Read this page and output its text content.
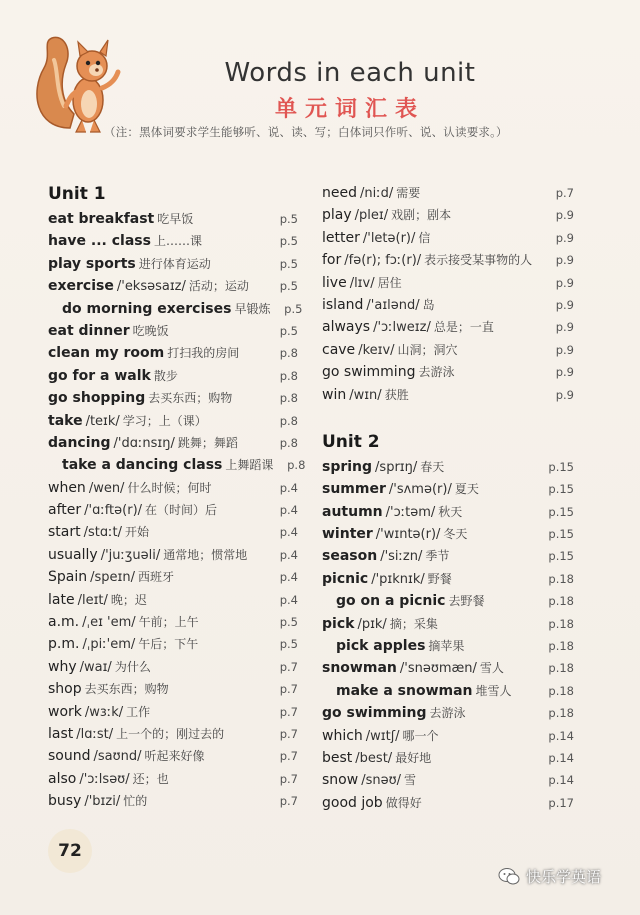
Words in each unit
单元词汇表
（注：黑体词要求学生能够听、说、读、写；白体词只作听、说、认读要求。）
Unit 1
eat breakfast 吃早饭	p.5
have ... class 上……课	p.5
play sports 进行体育运动	p.5
exercise /'eksəsaɪz/ 活动；运动	p.5
do morning exercises 早锻炼	p.5
eat dinner 吃晚饭	p.5
clean my room 打扫我的房间	p.8
go for a walk 散步	p.8
go shopping 去买东西；购物	p.8
take /teɪk/ 学习；上（课）	p.8
dancing /'dɑːnsɪŋ/ 跳舞；舞蹈	p.8
take a dancing class 上舞蹈课	p.8
when /wen/ 什么时候；何时	p.4
after /'ɑːftə(r)/ 在（时间）后	p.4
start /stɑːt/ 开始	p.4
usually /'juːʒuəli/ 通常地；惯常地	p.4
Spain /speɪn/ 西班牙	p.4
late /leɪt/ 晚；迟	p.4
a.m. /ˌeɪ 'em/ 午前；上午	p.5
p.m. /ˌpiː'em/ 午后；下午	p.5
why /waɪ/ 为什么	p.7
shop 去买东西；购物	p.7
work /wɜːk/ 工作	p.7
last /lɑːst/ 上一个的；刚过去的	p.7
sound /saʊnd/ 听起来好像	p.7
also /'ɔːlsəʊ/ 还；也	p.7
busy /'bɪzi/ 忙的	p.7
need /niːd/ 需要	p.7
play /pleɪ/ 戏剧；剧本	p.9
letter /'letə(r)/ 信	p.9
for /fə(r); fɔː(r)/ 表示接受某事物的人	p.9
live /lɪv/ 居住	p.9
island /'aɪlənd/ 岛	p.9
always /'ɔːlweɪz/ 总是；一直	p.9
cave /keɪv/ 山洞；洞穴	p.9
go swimming 去游泳	p.9
win /wɪn/ 获胜	p.9
Unit 2
spring /sprɪŋ/ 春天	p.15
summer /'sʌmə(r)/ 夏天	p.15
autumn /'ɔːtəm/ 秋天	p.15
winter /'wɪntə(r)/ 冬天	p.15
season /'siːzn/ 季节	p.15
picnic /'pɪknɪk/ 野餐	p.18
go on a picnic 去野餐	p.18
pick /pɪk/ 摘；采集	p.18
pick apples 摘苹果	p.18
snowman /'snəʊmæn/ 雪人	p.18
make a snowman 堆雪人	p.18
go swimming 去游泳	p.18
which /wɪtʃ/ 哪一个	p.14
best /best/ 最好地	p.14
snow /snəʊ/ 雪	p.14
good job 做得好	p.17
72
快乐学英语
